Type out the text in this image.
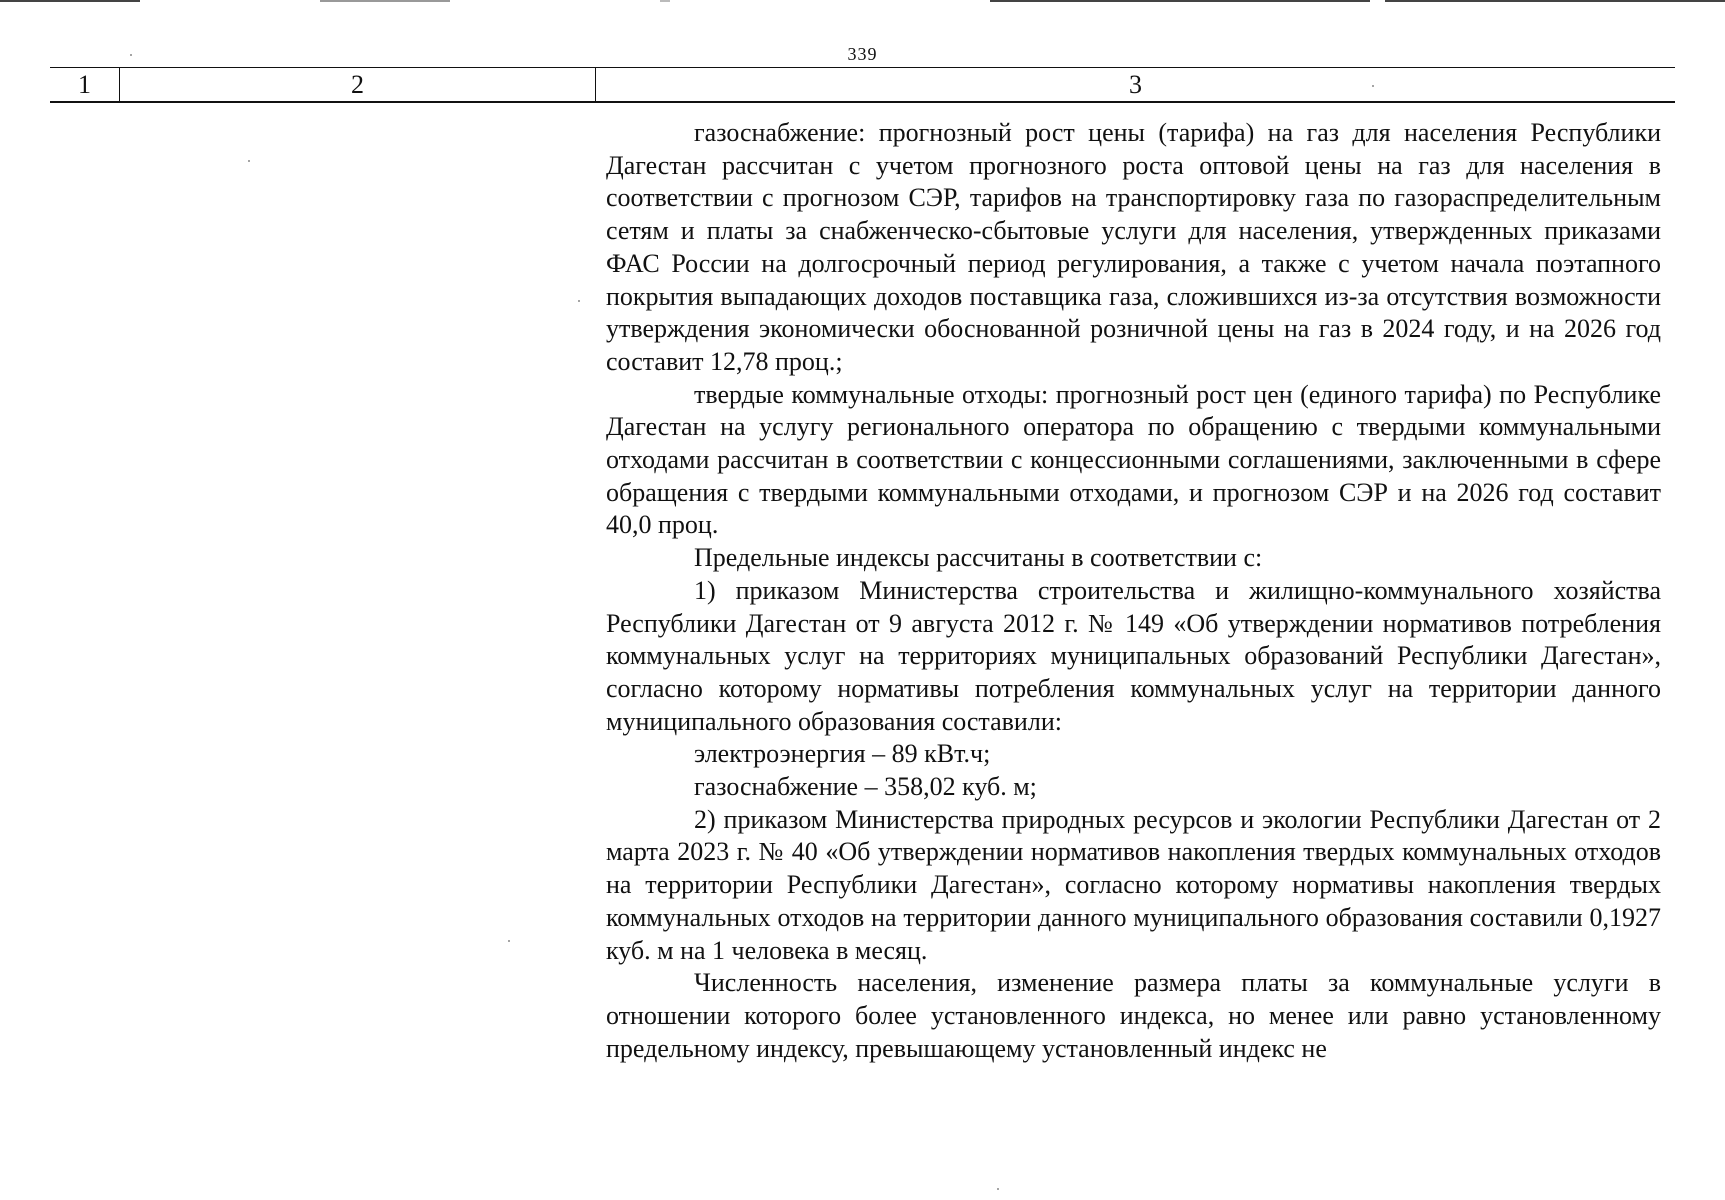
339
1	2	3

газоснабжение: прогнозный рост цены (тарифа) на газ для населения Республики Дагестан рассчитан с учетом прогнозного роста оптовой цены на газ для населения в соответствии с прогнозом СЭР, тарифов на транспортировку газа по газораспределительным сетям и платы за снабженческо-сбытовые услуги для населения, утвержденных приказами ФАС России на долгосрочный период регулирования, а также с учетом начала поэтапного покрытия выпадающих доходов поставщика газа, сложившихся из-за отсутствия возможности утверждения экономически обоснованной розничной цены на газ в 2024 году, и на 2026 год составит 12,78 проц.;

твердые коммунальные отходы: прогнозный рост цен (единого тарифа) по Республике Дагестан на услугу регионального оператора по обращению с твердыми коммунальными отходами рассчитан в соответствии с концессионными соглашениями, заключенными в сфере обращения с твердыми коммунальными отходами, и прогнозом СЭР и на 2026 год составит 40,0 проц.

Предельные индексы рассчитаны в соответствии с:

1) приказом Министерства строительства и жилищно-коммунального хозяйства Республики Дагестан от 9 августа 2012 г. № 149 «Об утверждении нормативов потребления коммунальных услуг на территориях муниципальных образований Республики Дагестан», согласно которому нормативы потребления коммунальных услуг на территории данного муниципального образования составили:

электроэнергия – 89 кВт.ч;

газоснабжение – 358,02 куб. м;

2) приказом Министерства природных ресурсов и экологии Республики Дагестан от 2 марта 2023 г. № 40 «Об утверждении нормативов накопления твердых коммунальных отходов на территории Республики Дагестан», согласно которому нормативы накопления твердых коммунальных отходов на территории данного муниципального образования составили 0,1927 куб. м на 1 человека в месяц.

Численность населения, изменение размера платы за коммунальные услуги в отношении которого более установленного индекса, но менее или равно установленному предельному индексу, превышающему установленный индекс не
